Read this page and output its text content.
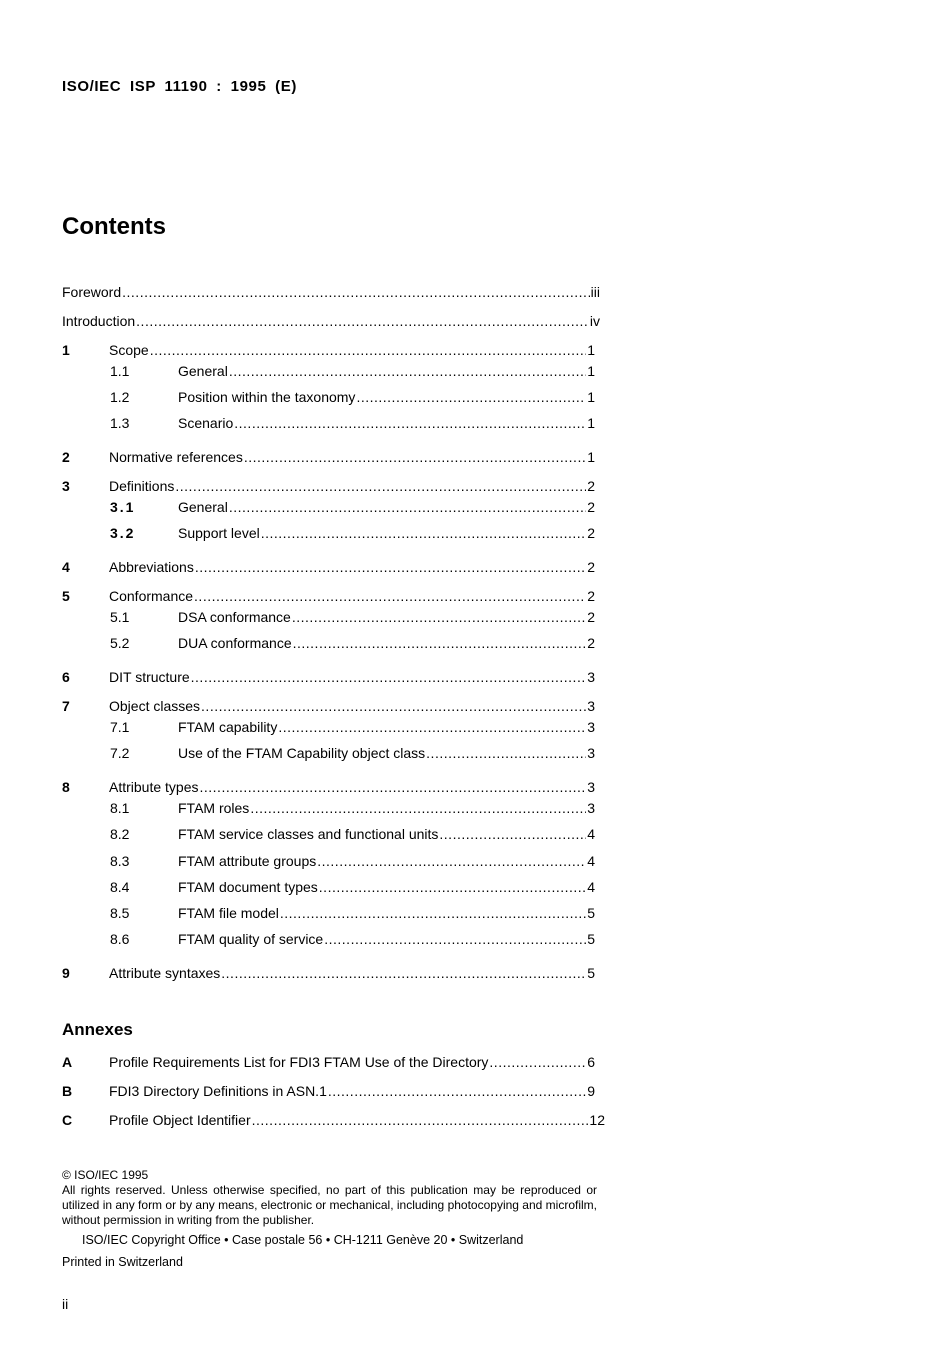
ISO/IEC ISP 11190 : 1995 (E)
Contents
Foreword .....	iii
Introduction .....	iv
1	Scope .....	1
1.1	General .....	1
1.2	Position within the taxonomy .....	1
1.3	Scenario .....	1
2	Normative references .....	1
3	Definitions .....	2
3.1	General .....	2
3.2	Support level .....	2
4	Abbreviations .....	2
5	Conformance .....	2
5.1	DSA conformance .....	2
5.2	DUA conformance .....	2
6	DIT structure .....	3
7	Object classes .....	3
7.1	FTAM capability .....	3
7.2	Use of the FTAM Capability object class .....	3
8	Attribute types .....	3
8.1	FTAM roles .....	3
8.2	FTAM service classes and functional units .....	4
8.3	FTAM attribute groups .....	4
8.4	FTAM document types .....	4
8.5	FTAM file model .....	5
8.6	FTAM quality of service .....	5
9	Attribute syntaxes .....	5
Annexes
A	Profile Requirements List for FDI3 FTAM Use of the Directory .....	6
B	FDI3 Directory Definitions in ASN.1 .....	9
C	Profile Object Identifier .....	12

© ISO/IEC 1995

All rights reserved. Unless otherwise specified, no part of this publication may be reproduced or utilized in any form or by any means, electronic or mechanical, including photocopying and microfilm, without permission in writing from the publisher.

ISO/IEC Copyright Office • Case postale 56 • CH-1211 Genève 20 • Switzerland
Printed in Switzerland
ii
